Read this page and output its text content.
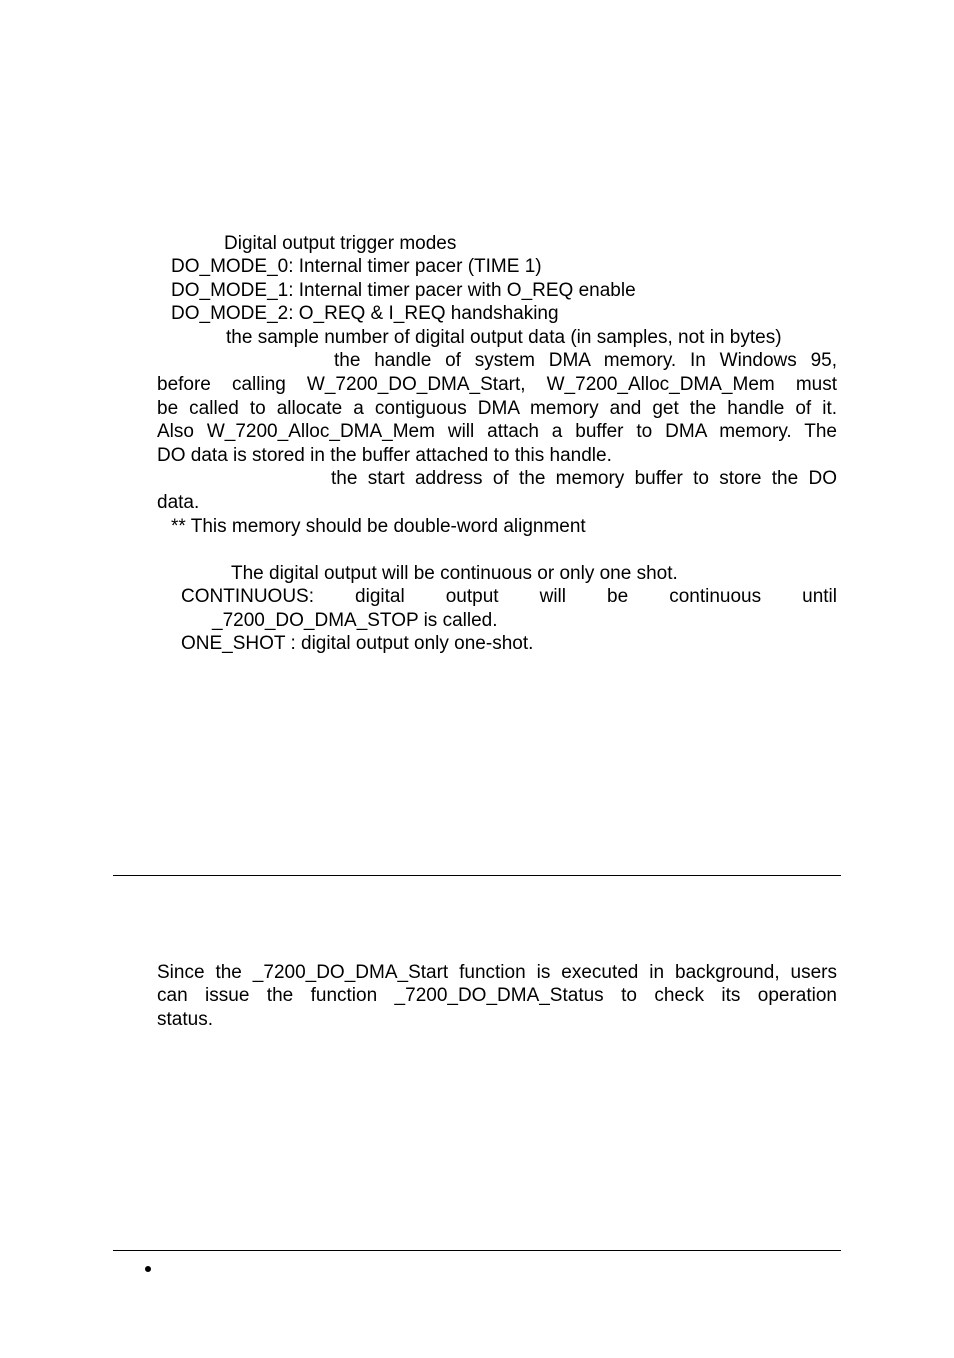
Digital output trigger modes
DO_MODE_0: Internal timer pacer (TIME 1)
DO_MODE_1: Internal timer pacer with O_REQ enable
DO_MODE_2: O_REQ & I_REQ handshaking
the sample number of digital output data (in samples, not in bytes)
the handle of system DMA memory. In Windows 95,
before calling W_7200_DO_DMA_Start, W_7200_Alloc_DMA_Mem must
be called to allocate a contiguous DMA memory and get the handle of it.
Also W_7200_Alloc_DMA_Mem will attach a buffer to DMA memory. The
DO data is stored in the buffer attached to this handle.
the start address of the memory buffer to store the DO
data.
** This memory should be double-word alignment
The digital output will be continuous or only one shot.
CONTINUOUS: digital output will be continuous until
_7200_DO_DMA_STOP is called.
ONE_SHOT : digital output only one-shot.
Since the _7200_DO_DMA_Start function is executed in background, users
can issue the function _7200_DO_DMA_Status to check its operation
status.
